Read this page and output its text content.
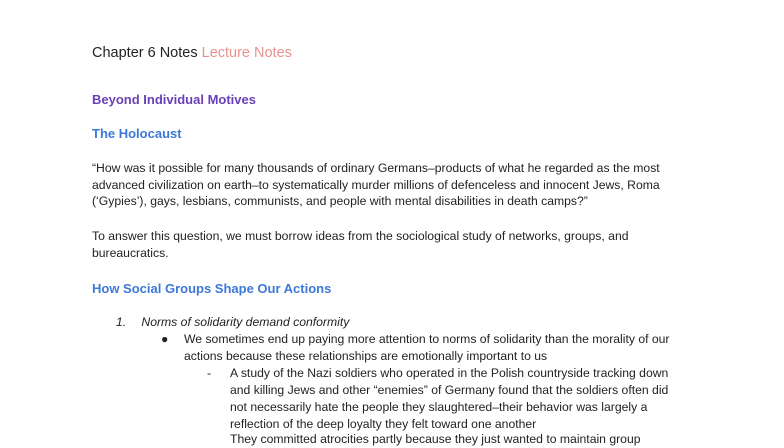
Chapter 6 Notes Lecture Notes
Beyond Individual Motives
The Holocaust
“How was it possible for many thousands of ordinary Germans–products of what he regarded as the most advanced civilization on earth–to systematically murder millions of defenceless and innocent Jews, Roma (‘Gypies’), gays, lesbians, communists, and people with mental disabilities in death camps?”
To answer this question, we must borrow ideas from the sociological study of networks, groups, and bureaucratics.
How Social Groups Shape Our Actions
1. Norms of solidarity demand conformity
● We sometimes end up paying more attention to norms of solidarity than the morality of our actions because these relationships are emotionally important to us
- A study of the Nazi soldiers who operated in the Polish countryside tracking down and killing Jews and other “enemies” of Germany found that the soldiers often did not necessarily hate the people they slaughtered–their behavior was largely a reflection of the deep loyalty they felt toward one another
They committed atrocities partly because they just wanted to maintain group
